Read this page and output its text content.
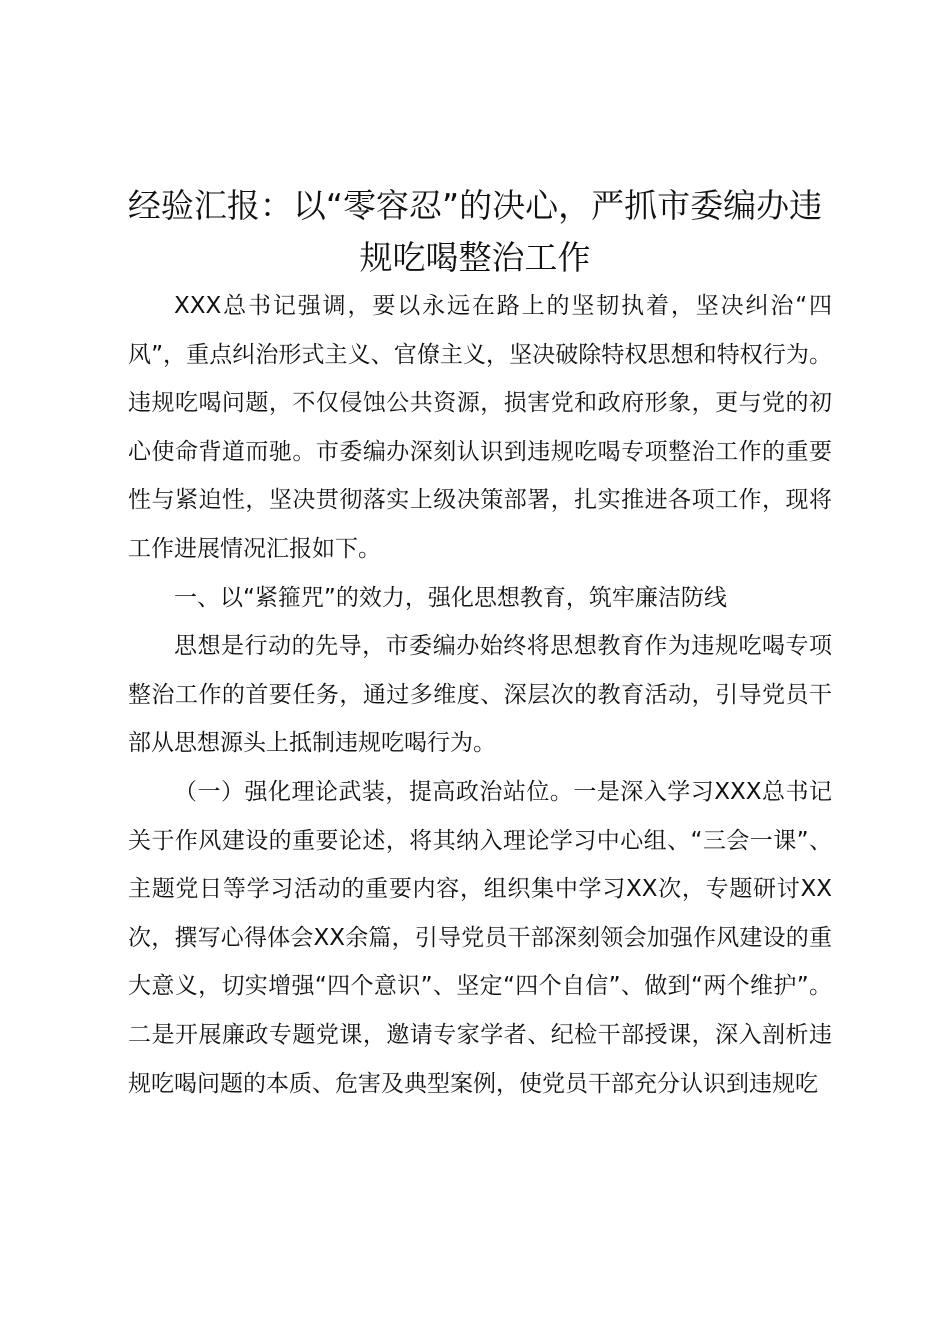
经验汇报：以“零容忍”的决心，严抓市委编办违规吃喝整治工作

XXX总书记强调，要以永远在路上的坚韧执着，坚决纠治“四风”，重点纠治形式主义、官僚主义，坚决破除特权思想和特权行为。违规吃喝问题，不仅侵蚀公共资源，损害党和政府形象，更与党的初心使命背道而驰。市委编办深刻认识到违规吃喝专项整治工作的重要性与紧迫性，坚决贯彻落实上级决策部署，扎实推进各项工作，现将工作进展情况汇报如下。

一、以“紧箍咒”的效力，强化思想教育，筑牢廉洁防线

思想是行动的先导，市委编办始终将思想教育作为违规吃喝专项整治工作的首要任务，通过多维度、深层次的教育活动，引导党员干部从思想源头上抵制违规吃喝行为。

（一）强化理论武装，提高政治站位。一是深入学习XXX总书记关于作风建设的重要论述，将其纳入理论学习中心组、“三会一课”、主题党日等学习活动的重要内容，组织集中学习XX次，专题研讨XX次，撰写心得体会XX余篇，引导党员干部深刻领会加强作风建设的重大意义，切实增强“四个意识”、坚定“四个自信”、做到“两个维护”。二是开展廉政专题党课，邀请专家学者、纪检干部授课，深入剖析违规吃喝问题的本质、危害及典型案例，使党员干部充分认识到违规吃
